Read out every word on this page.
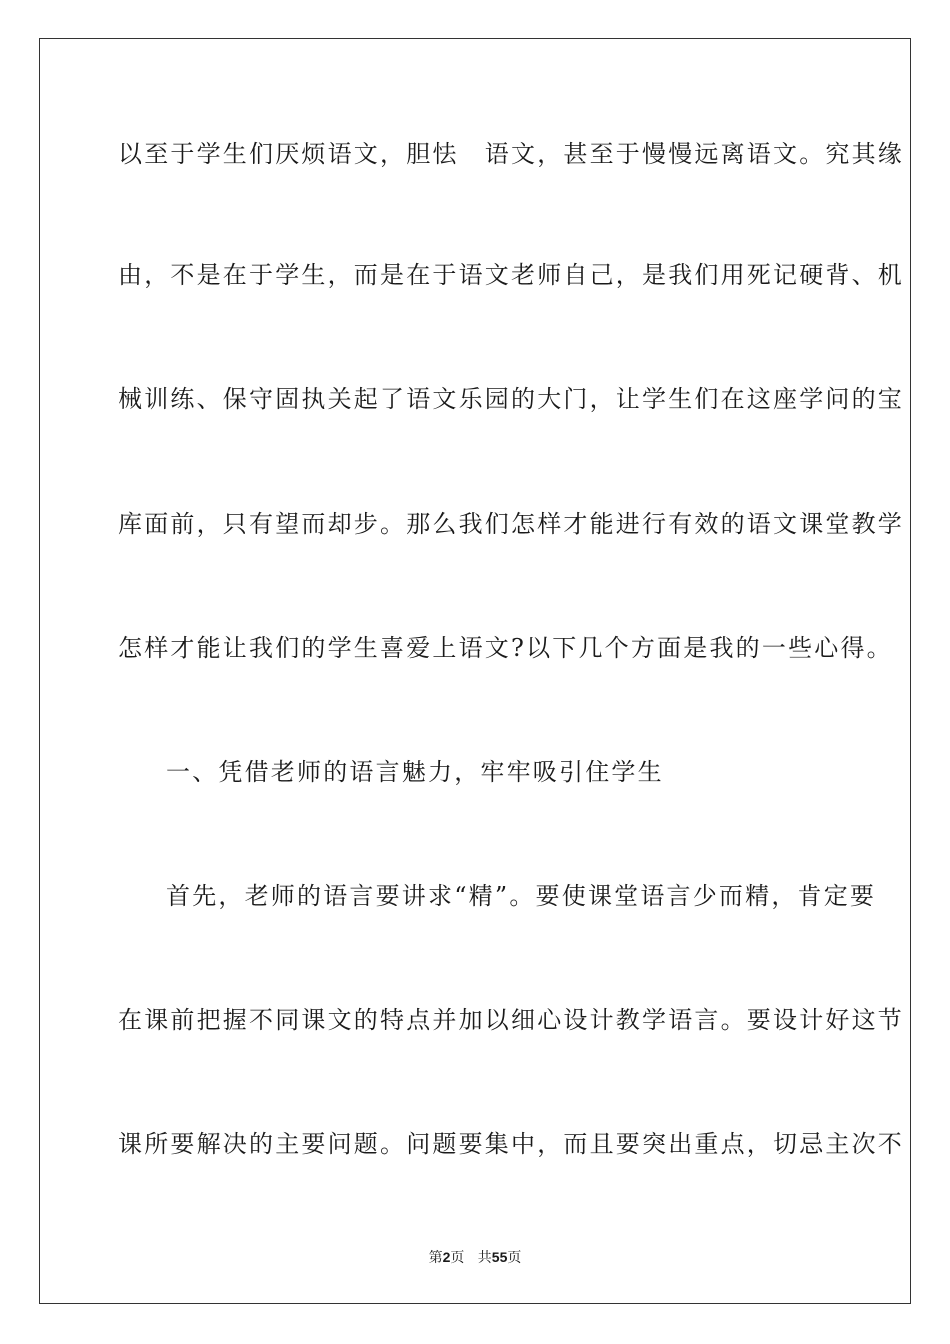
以至于学生们厌烦语文，胆怯　语文，甚至于慢慢远离语文。究其缘
由，不是在于学生，而是在于语文老师自己，是我们用死记硬背、机
械训练、保守固执关起了语文乐园的大门，让学生们在这座学问的宝
库面前，只有望而却步。那么我们怎样才能进行有效的语文课堂教学
怎样才能让我们的学生喜爱上语文?以下几个方面是我的一些心得。
一、凭借老师的语言魅力，牢牢吸引住学生
首先，老师的语言要讲求“精”。要使课堂语言少而精，肯定要
在课前把握不同课文的特点并加以细心设计教学语言。要设计好这节
课所要解决的主要问题。问题要集中，而且要突出重点，切忌主次不
第2页 共55页
